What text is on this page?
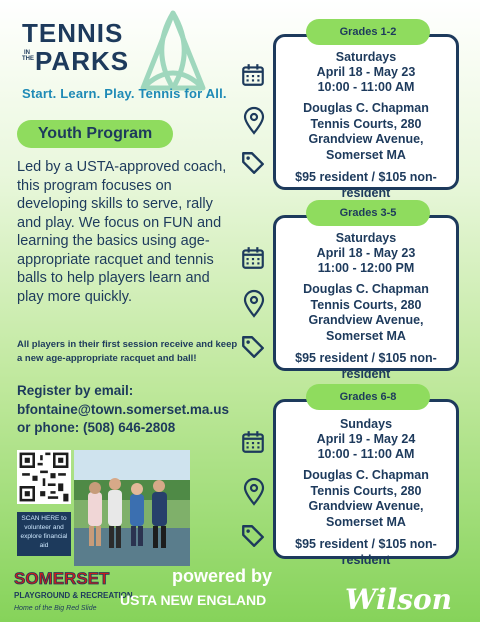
TENNIS
IN THE PARKS
Start. Learn. Play. Tennis for All.
Youth Program
Led by a USTA-approved coach, this program focuses on developing skills to serve, rally and play. We focus on FUN and learning the basics using age-appropriate racquet and tennis balls to help players learn and play more quickly.
All players in their first session receive and keep a new age-appropriate racquet and ball!
Register by email:
bfontaine@town.somerset.ma.us
or phone: (508) 646-2808
SCAN HERE to volunteer and explore financial aid
Grades 1-2
Saturdays
April 18 - May 23
10:00 - 11:00 AM
Douglas C. Chapman Tennis Courts, 280 Grandview Avenue, Somerset MA
$95 resident / $105 non-resident
Grades 3-5
Saturdays
April 18 - May 23
11:00 - 12:00 PM
Douglas C. Chapman Tennis Courts, 280 Grandview Avenue, Somerset MA
$95 resident / $105 non-resident
Grades 6-8
Sundays
April 19 - May 24
10:00 - 11:00 AM
Douglas C. Chapman Tennis Courts, 280 Grandview Avenue, Somerset MA
$95 resident / $105 non-resident
SOMERSET
PLAYGROUND & RECREATION
Home of the Big Red Slide
powered by
USTA NEW ENGLAND	Wilson
